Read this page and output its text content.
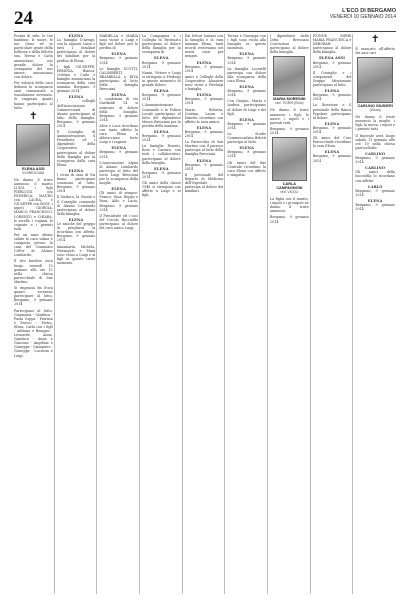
24	L'ECO DI BERGAMO
VENERDÌ 10 GENNAIO 2014
Pronta di stile, le tue bambine, le nuore, le tue Giusi ed in particolare gente della bellezza e della felicità sua. Teresa e Carla annunciano con grande dolore la scomparsa del suo amore, annunciano con dolore.
Per volontà della cara defunta la scomparsa sarà comunicata a tumulazione avvenuta. Si ringrazia quanti hanno partecipato al lutto.
✝
ELENA ASSI
IN BRESCIANI
Ne danno il triste annuncio il marito LUIGI, i figli PIERLUIGI con FEDERICA, MAURO con LAURA, e GIUSEPPE con ROSY, i nipoti GIORGIA, MARCO, FRANCESCO, LORENZO e CHIARA, le sorelle, i cognati, le cognate e i parenti tutti.
Per un sano ultimo saluto la cara salma è composta presso la casa del Commiato CitFor di Alzano Lombardo.
Il rito funebre avrà luogo venerdì 10 gennaio alle ore 15 nella chiesa parrocchiale di San Martino.
Si ringrazia fin d'ora quanti vorranno partecipare al lutto. Bergamo, 9 gennaio 2014
Partecipano al lutto: Gianmaria - Gianluca - Paola Coppa - Patrizia e Enrico - Pietro, Elena, Carla con i figli - Adriana e Benigno - Leonardo, Anna, Gianluca - Anna e Giacomo - Angelina e Giuseppe - Giampiero - Giuseppe - Lucrezia e Luigi.
ELENA
La famiglia D'Arrigo, con la signora Luisa e tutti i familiari partecipano al dolore dei familiari per la perdita di Elena.
I figli GIUSEPPE, ERMINIA, Bianca, Cristina e Carlo e famiglie annunciano la scomparsa della cara mamma. Bergamo, 9 gennaio 2014
ELENA
I colleghi dell'Associazione Commercianti di Alzano partecipano al lutto della famiglia. Bergamo, 9 gennaio 2014
Il Consiglio di Amministrazione, il Presidente ed i dipendenti della Cooperativa partecipano al dolore della famiglia per la scomparsa della cara Elena.
ELENA
I vicini di casa di Via Roma partecipano commossi al lutto. Bergamo, 9 gennaio 2014
Il Sindaco, la Giunta e il Consiglio comunale di Alzano Lombardo partecipano al dolore della famiglia.
ELENA
Le amiche del gruppo di preghiera la ricordano con affetto. Bergamo, 9 gennaio 2014
Annamaria, Michela, Pierangelo e Mara sono vicini a Luigi e ai figli in questo triste momento.
MARIELLA e MARIA sono vicine a Luigi e figli nel dolore per la perdita di
ELENA
Bergamo, 9 gennaio 2014
Le famiglie SCOTTI, GALIMBERTI, BRAMBILLA e RIVA partecipano al lutto della famiglia Bresciani.
ELENA
I condomini di via Garibaldi 14 si uniscono al dolore della famiglia. Bergamo, 9 gennaio 2014
Alice e Luca ricordano con tanto affetto la cara Elena e abbracciano forte Luigi e i ragazzi.
ELENA
Bergamo, 9 gennaio 2014
L'Associazione Alpini di Alzano Lombardo partecipa al lutto del socio Luigi Bresciani per la scomparsa della moglie.
ELENA
Gli amici di sempre: Franco, Gina, Beppe e Rosa, Aldo e Lucia. Bergamo, 9 gennaio 2014
Il Presidente ed i soci del Circolo Bocciofilo partecipano al dolore del caro amico Luigi.
La Compagnia e i Colleghi di Patronato partecipano al dolore della famiglia per la scomparsa di
ELENA
Bergamo, 9 gennaio 2014
Nanni, Vittore e Luigi si stringono a Pierluigi in questo momento di grande dolore.
ELENA
Bergamo, 9 gennaio 2014
L'Amministrazione Comunale e la Polizia Locale partecipano al lutto del dipendente Mauro Bresciani per la perdita della mamma.
ELENA
Bergamo, 9 gennaio 2014
Le famiglie Pesenti, Rota e Carrara, con tutti i collaboratori, partecipano al dolore della famiglia.
ELENA
Bergamo, 9 gennaio 2014
Gli amici della classe 1948 si stringono con affetto a Luigi e ai figli.
Dai lettori lontani con la famiglia e la cara mamma Elena, tanti ricordi resteranno nei nostri cuori per sempre.
ELENA
Bergamo, 9 gennaio 2014
Amici e Colleghi della Cooperativa Alzanese sono vicini a Pierluigi e famiglia.
ELENA
Bergamo, 9 gennaio 2014
Maria, Roberta, Cristina, Laura e Daniela ricordano con affetto la cara amica.
ELENA
Bergamo, 9 gennaio 2014
La Parrocchia di San Martino con il parroco partecipa al lutto della famiglia Bresciani.
ELENA
Bergamo, 9 gennaio 2014
Il personale del Reparto di Medicina dell'Ospedale partecipa al dolore dei familiari.
Teresa e Giuseppe con i figli sono vicini alla famiglia in questo momento.
ELENA
Bergamo, 9 gennaio 2014
La famiglia Locatelli partecipa con dolore alla scomparsa della cara Elena.
ELENA
Bergamo, 9 gennaio 2014
Con Giorgio, Marta e Andrea partecipiamo al dolore di Luigi e dei figli.
ELENA
Bergamo, 9 gennaio 2014
Lo Studio Commercialista Belotti partecipa al lutto.
ELENA
Bergamo, 9 gennaio 2014
Gli amici del Bar Centrale ricordano la cara Elena con affetto e simpatia.
I dipendenti della Ditta Bresciani Costruzioni partecipano al dolore della famiglia.
MARIA MORESINI
ved. TIGRIS (Elvio)
Ne danno il triste annuncio i figli, le nuore, i nipoti e i parenti tutti.
Bergamo, 9 gennaio 2014
CARLA CAMPAGNONI
ved. VIGOLI
La figlia con il marito, i nipoti e i pronipoti ne danno il triste annuncio.
Bergamo, 9 gennaio 2014
IVONNE MIRRI MARIA FRANCESCA e DEBORAH partecipano al dolore della famiglia.
ELENA ASSI
Bergamo, 9 gennaio 2014
Il Consiglio e i componenti del Gruppo Missionario partecipano al lutto.
ELENA
Bergamo, 9 gennaio 2014
La Direzione e il personale della Banca Popolare partecipano al dolore.
ELENA
Bergamo, 9 gennaio 2014
Gli amici del Coro Parrocchiale ricordano la cara Elena.
ELENA
Bergamo, 9 gennaio 2014
✝
È mancato all'affetto dei suoi cari
CARLINO GIUDIERI
(Giuan)
Ne danno il triste annuncio la moglie, i figli, la nuora, i nipoti e i parenti tutti.
Il funerale avrà luogo sabato 11 gennaio alle ore 10 nella chiesa parrocchiale.
CARLINO
Bergamo, 9 gennaio 2014
CARLINO
Gli amici della bocciofila lo ricordano con affetto.
CARLO
Bergamo, 9 gennaio 2014
ELENA
Bergamo, 9 gennaio 2014
